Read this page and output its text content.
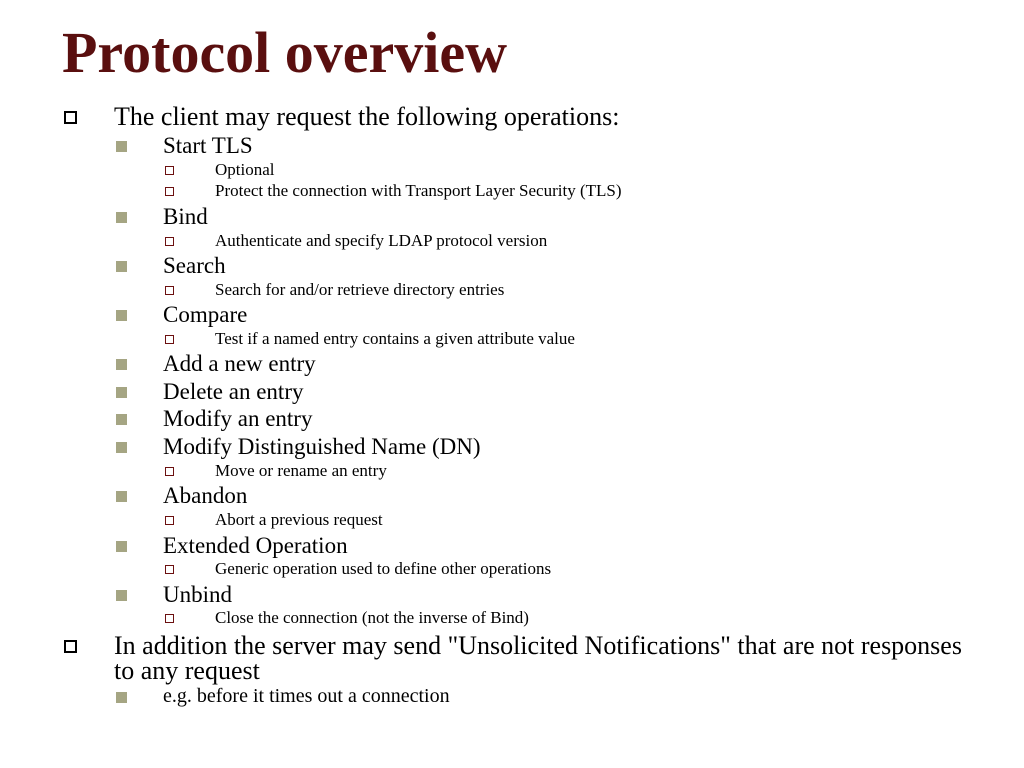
Protocol overview
The client may request the following operations:
Start TLS
Optional
Protect the connection with Transport Layer Security (TLS)
Bind
Authenticate and specify LDAP protocol version
Search
Search for and/or retrieve directory entries
Compare
Test if a named entry contains a given attribute value
Add a new entry
Delete an entry
Modify an entry
Modify Distinguished Name (DN)
Move or rename an entry
Abandon
Abort a previous request
Extended Operation
Generic operation used to define other operations
Unbind
Close the connection (not the inverse of Bind)
In addition the server may send "Unsolicited Notifications" that are not responses to any request
e.g. before it times out a connection
